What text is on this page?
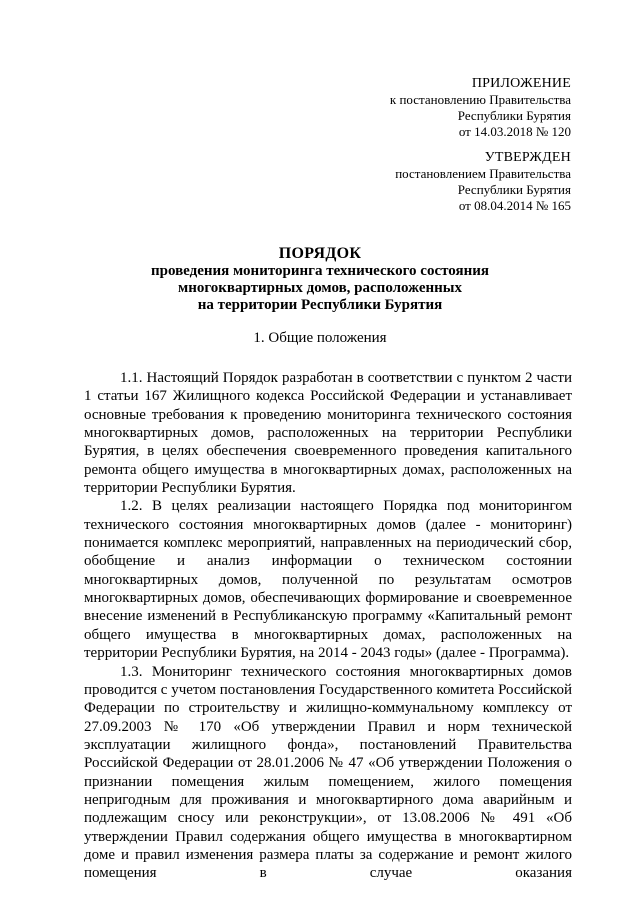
ПРИЛОЖЕНИЕ
к постановлению Правительства
Республики Бурятия
от 14.03.2018 № 120
УТВЕРЖДЕН
постановлением Правительства
Республики Бурятия
от 08.04.2014 № 165
ПОРЯДОК
проведения мониторинга технического состояния
многоквартирных домов, расположенных
на территории Республики Бурятия
1. Общие положения

1.1. Настоящий Порядок разработан в соответствии с пунктом 2 части 1 статьи 167 Жилищного кодекса Российской Федерации и устанавливает основные требования к проведению мониторинга технического состояния многоквартирных домов, расположенных на территории Республики Бурятия, в целях обеспечения своевременного проведения капитального ремонта общего имущества в многоквартирных домах, расположенных на территории Республики Бурятия.

1.2. В целях реализации настоящего Порядка под мониторингом технического состояния многоквартирных домов (далее - мониторинг) понимается комплекс мероприятий, направленных на периодический сбор, обобщение и анализ информации о техническом состоянии многоквартирных домов, полученной по результатам осмотров многоквартирных домов, обеспечивающих формирование и своевременное внесение изменений в Республиканскую программу «Капитальный ремонт общего имущества в многоквартирных домах, расположенных на территории Республики Бурятия, на 2014 - 2043 годы» (далее - Программа).

1.3. Мониторинг технического состояния многоквартирных домов проводится с учетом постановления Государственного комитета Российской Федерации по строительству и жилищно-коммунальному комплексу от 27.09.2003 № 170 «Об утверждении Правил и норм технической эксплуатации жилищного фонда», постановлений Правительства Российской Федерации от 28.01.2006 № 47 «Об утверждении Положения о признании помещения жилым помещением, жилого помещения непригодным для проживания и многоквартирного дома аварийным и подлежащим сносу или реконструкции», от 13.08.2006 № 491 «Об утверждении Правил содержания общего имущества в многоквартирном доме и правил изменения размера платы за содержание и ремонт жилого помещения в случае оказания
